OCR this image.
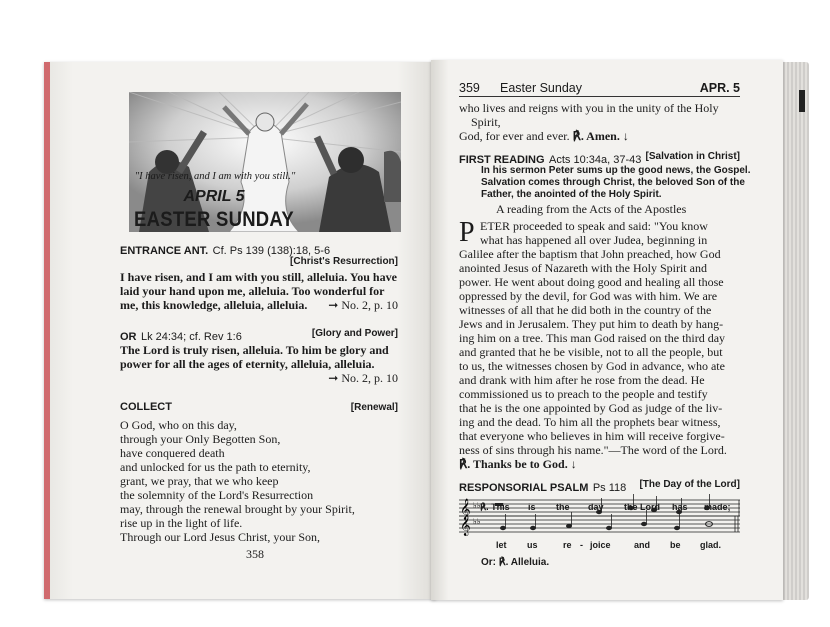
"I have risen, and I am with you still."
APRIL 5
EASTER SUNDAY
ENTRANCE ANT. Cf. Ps 139 (138):18, 5-6
[Christ's Resurrection]
I have risen, and I am with you still, alleluia. You have
laid your hand upon me, alleluia. Too wonderful for
me, this knowledge, alleluia, alleluia.	➞ No. 2, p. 10
OR Lk 24:34; cf. Rev 1:6	[Glory and Power]
The Lord is truly risen, alleluia. To him be glory and
power for all the ages of eternity, alleluia, alleluia.
➞ No. 2, p. 10
COLLECT	[Renewal]
O God, who on this day,
through your Only Begotten Son,
have conquered death
and unlocked for us the path to eternity,
grant, we pray, that we who keep
the solemnity of the Lord's Resurrection
may, through the renewal brought by your Spirit,
rise up in the light of life.
Through our Lord Jesus Christ, your Son,
358
359 Easter Sunday	APR. 5
who lives and reigns with you in the unity of the Holy
Spirit,
God, for ever and ever. ℟. Amen. ↓
FIRST READING Acts 10:34a, 37-43 [Salvation in Christ]
In his sermon Peter sums up the good news, the Gospel.
Salvation comes through Christ, the beloved Son of the
Father, the anointed of the Holy Spirit.
A reading from the Acts of the Apostles
P ETER proceeded to speak and said: "You know
what has happened all over Judea, beginning in
Galilee after the baptism that John preached, how God
anointed Jesus of Nazareth with the Holy Spirit and
power. He went about doing good and healing all those
oppressed by the devil, for God was with him. We are
witnesses of all that he did both in the country of the
Jews and in Jerusalem. They put him to death by hang-
ing him on a tree. This man God raised on the third day
and granted that he be visible, not to all the people, but
to us, the witnesses chosen by God in advance, who ate
and drank with him after he rose from the dead. He
commissioned us to preach to the people and testify
that he is the one appointed by God as judge of the liv-
ing and the dead. To him all the prophets bear witness,
that everyone who believes in him will receive forgive-
ness of sins through his name."—The word of the Lord.
℟. Thanks be to God. ↓
RESPONSORIAL PSALM Ps 118	[The Day of the Lord]
𝄞 ♭♭ ℟. This is the day the Lord has made;
𝄞 ♭♭
let us	re - joice	and be glad.
Or: ℟. Alleluia.
